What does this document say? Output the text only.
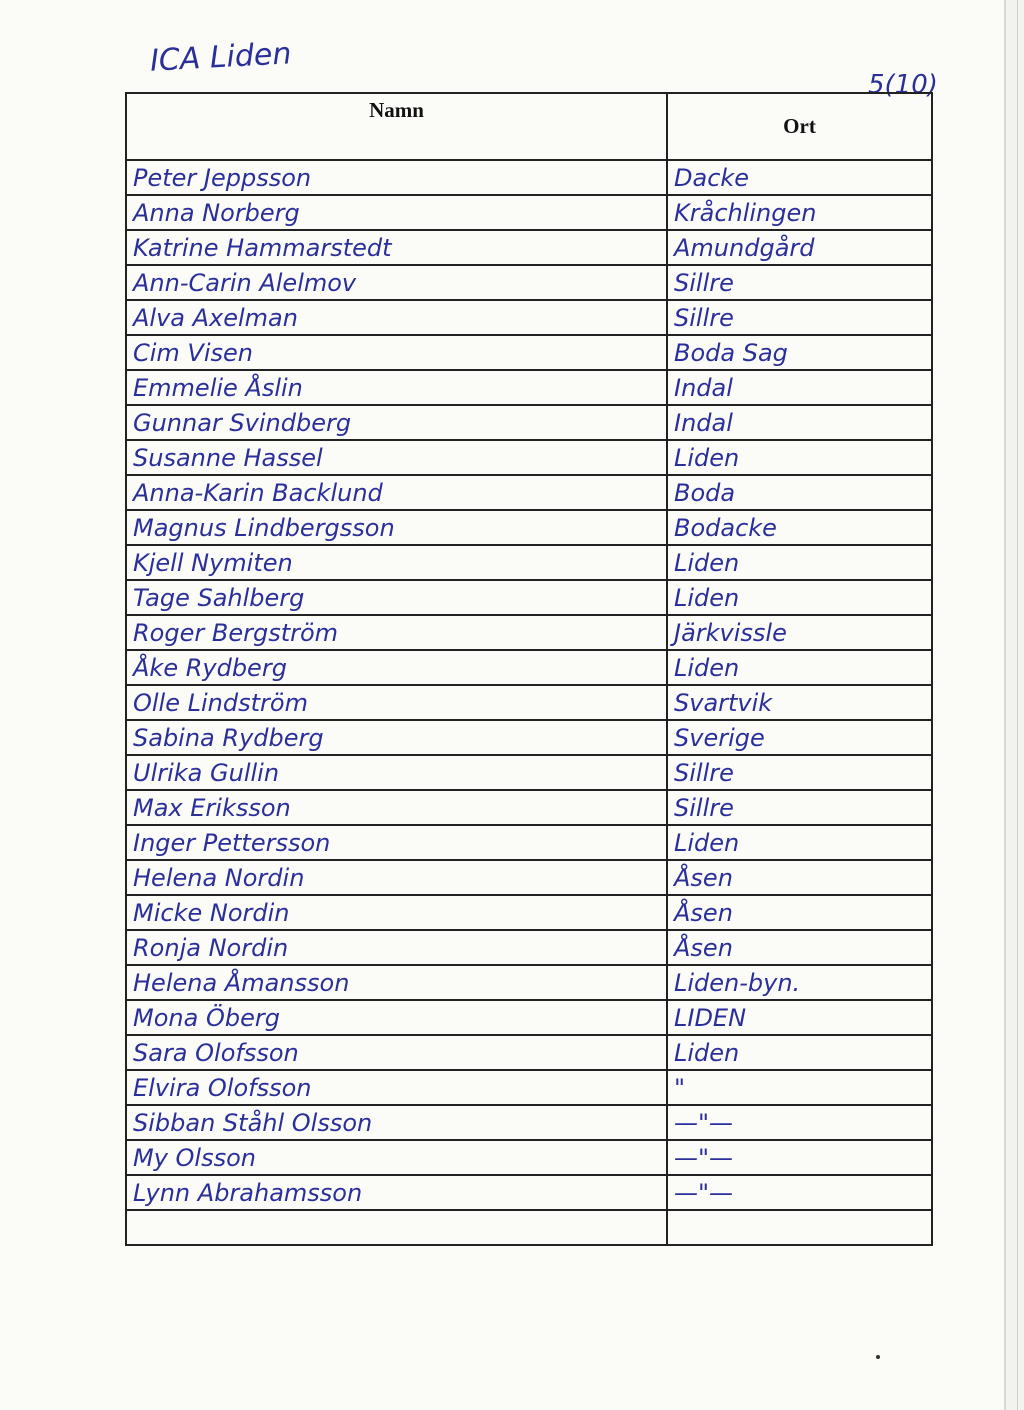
ICA Liden
5(10)
Namn	Ort
Peter Jeppsson	Dacke
Anna Norberg	Kråchlingen
Katrine Hammarstedt	Amundgård
Ann-Carin Alelmov	Sillre
Alva Axelman	Sillre
Cim Visen	Boda Sag
Emmelie Åslin	Indal
Gunnar Svindberg	Indal
Susanne Hassel	Liden
Anna-Karin Backlund	Boda
Magnus Lindbergsson	Bodacke
Kjell Nymiten	Liden
Tage Sahlberg	Liden
Roger Bergström	Järkvissle
Åke Rydberg	Liden
Olle Lindström	Svartvik
Sabina Rydberg	Sverige
Ulrika Gullin	Sillre
Max Eriksson	Sillre
Inger Pettersson	Liden
Helena Nordin	Åsen
Micke Nordin	Åsen
Ronja Nordin	Åsen
Helena Åmansson	Liden-byn.
Mona Öberg	LIDEN
Sara Olofsson	Liden
Elvira Olofsson	"
Sibban Ståhl Olsson	—"—
My Olsson	—"—
Lynn Abrahamsson	—"—
